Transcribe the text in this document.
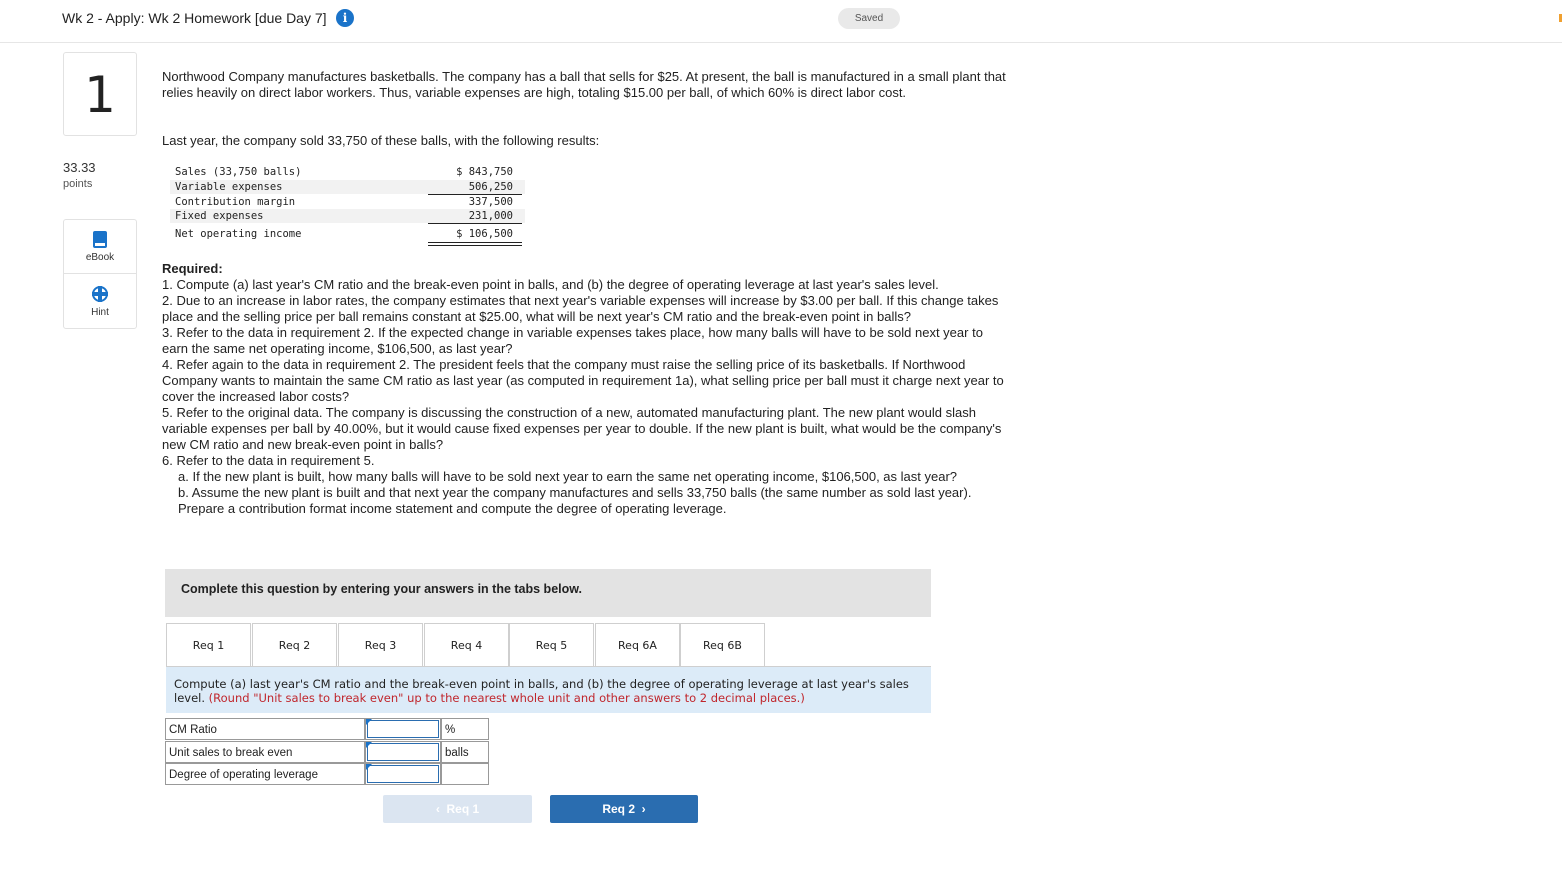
Wk 2 - Apply: Wk 2 Homework [due Day 7]	i	Saved
1
33.33
points
eBook
Hint
Northwood Company manufactures basketballs. The company has a ball that sells for $25. At present, the ball is manufactured in a small plant that relies heavily on direct labor workers. Thus, variable expenses are high, totaling $15.00 per ball, of which 60% is direct labor cost.
Last year, the company sold 33,750 of these balls, with the following results:
Sales (33,750 balls)	$ 843,750
Variable expenses	506,250
Contribution margin	337,500
Fixed expenses	231,000
Net operating income	$ 106,500
Required:
1. Compute (a) last year's CM ratio and the break-even point in balls, and (b) the degree of operating leverage at last year's sales level.
2. Due to an increase in labor rates, the company estimates that next year's variable expenses will increase by $3.00 per ball. If this change takes place and the selling price per ball remains constant at $25.00, what will be next year's CM ratio and the break-even point in balls?
3. Refer to the data in requirement 2. If the expected change in variable expenses takes place, how many balls will have to be sold next year to earn the same net operating income, $106,500, as last year?
4. Refer again to the data in requirement 2. The president feels that the company must raise the selling price of its basketballs. If Northwood Company wants to maintain the same CM ratio as last year (as computed in requirement 1a), what selling price per ball must it charge next year to cover the increased labor costs?
5. Refer to the original data. The company is discussing the construction of a new, automated manufacturing plant. The new plant would slash variable expenses per ball by 40.00%, but it would cause fixed expenses per year to double. If the new plant is built, what would be the company's new CM ratio and new break-even point in balls?
6. Refer to the data in requirement 5.
a. If the new plant is built, how many balls will have to be sold next year to earn the same net operating income, $106,500, as last year?
b. Assume the new plant is built and that next year the company manufactures and sells 33,750 balls (the same number as sold last year). Prepare a contribution format income statement and compute the degree of operating leverage.
Complete this question by entering your answers in the tabs below.
Req 1	Req 2	Req 3	Req 4	Req 5	Req 6A	Req 6B
Compute (a) last year's CM ratio and the break-even point in balls, and (b) the degree of operating leverage at last year's sales level. (Round "Unit sales to break even" up to the nearest whole unit and other answers to 2 decimal places.)
CM Ratio	%
Unit sales to break even	balls
Degree of operating leverage
‹ Req 1	Req 2 ›
